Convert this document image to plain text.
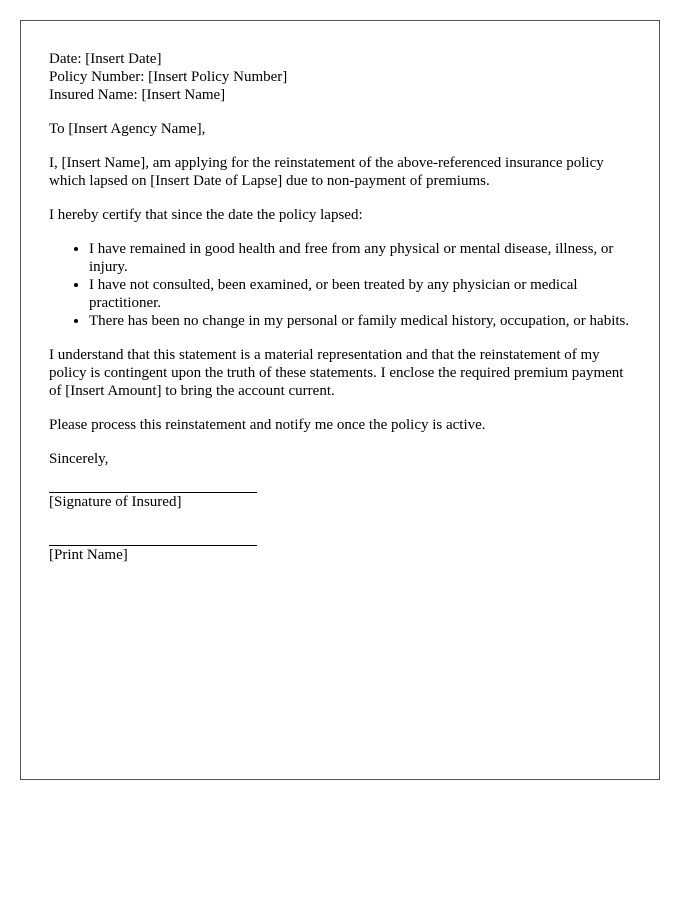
Date: [Insert Date]
Policy Number: [Insert Policy Number]
Insured Name: [Insert Name]

To [Insert Agency Name],

I, [Insert Name], am applying for the reinstatement of the above-referenced insurance policy which lapsed on [Insert Date of Lapse] due to non-payment of premiums.

I hereby certify that since the date the policy lapsed:

• I have remained in good health and free from any physical or mental disease, illness, or injury.
• I have not consulted, been examined, or been treated by any physician or medical practitioner.
• There has been no change in my personal or family medical history, occupation, or habits.

I understand that this statement is a material representation and that the reinstatement of my policy is contingent upon the truth of these statements. I enclose the required premium payment of [Insert Amount] to bring the account current.

Please process this reinstatement and notify me once the policy is active.

Sincerely,

[Signature of Insured]
[Print Name]
